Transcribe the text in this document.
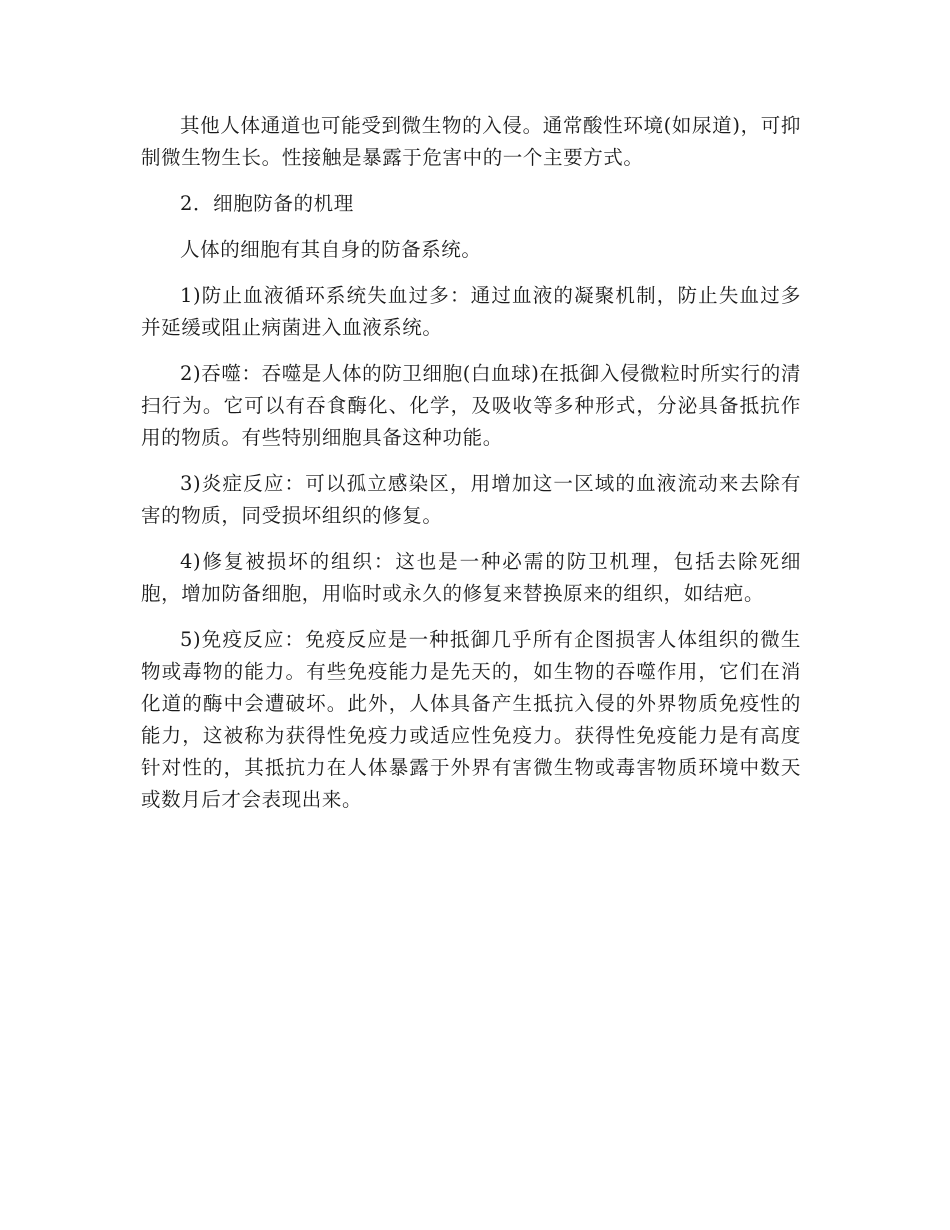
其他人体通道也可能受到微生物的入侵。通常酸性环境(如尿道)，可抑制微生物生长。性接触是暴露于危害中的一个主要方式。

2．细胞防备的机理

人体的细胞有其自身的防备系统。

1)防止血液循环系统失血过多：通过血液的凝聚机制，防止失血过多并延缓或阻止病菌进入血液系统。

2)吞噬：吞噬是人体的防卫细胞(白血球)在抵御入侵微粒时所实行的清扫行为。它可以有吞食酶化、化学，及吸收等多种形式，分泌具备抵抗作用的物质。有些特别细胞具备这种功能。

3)炎症反应：可以孤立感染区，用增加这一区域的血液流动来去除有害的物质，同受损坏组织的修复。

4)修复被损坏的组织：这也是一种必需的防卫机理，包括去除死细胞，增加防备细胞，用临时或永久的修复来替换原来的组织，如结疤。

5)免疫反应：免疫反应是一种抵御几乎所有企图损害人体组织的微生物或毒物的能力。有些免疫能力是先天的，如生物的吞噬作用，它们在消化道的酶中会遭破坏。此外，人体具备产生抵抗入侵的外界物质免疫性的能力，这被称为获得性免疫力或适应性免疫力。获得性免疫能力是有高度针对性的，其抵抗力在人体暴露于外界有害微生物或毒害物质环境中数天或数月后才会表现出来。
